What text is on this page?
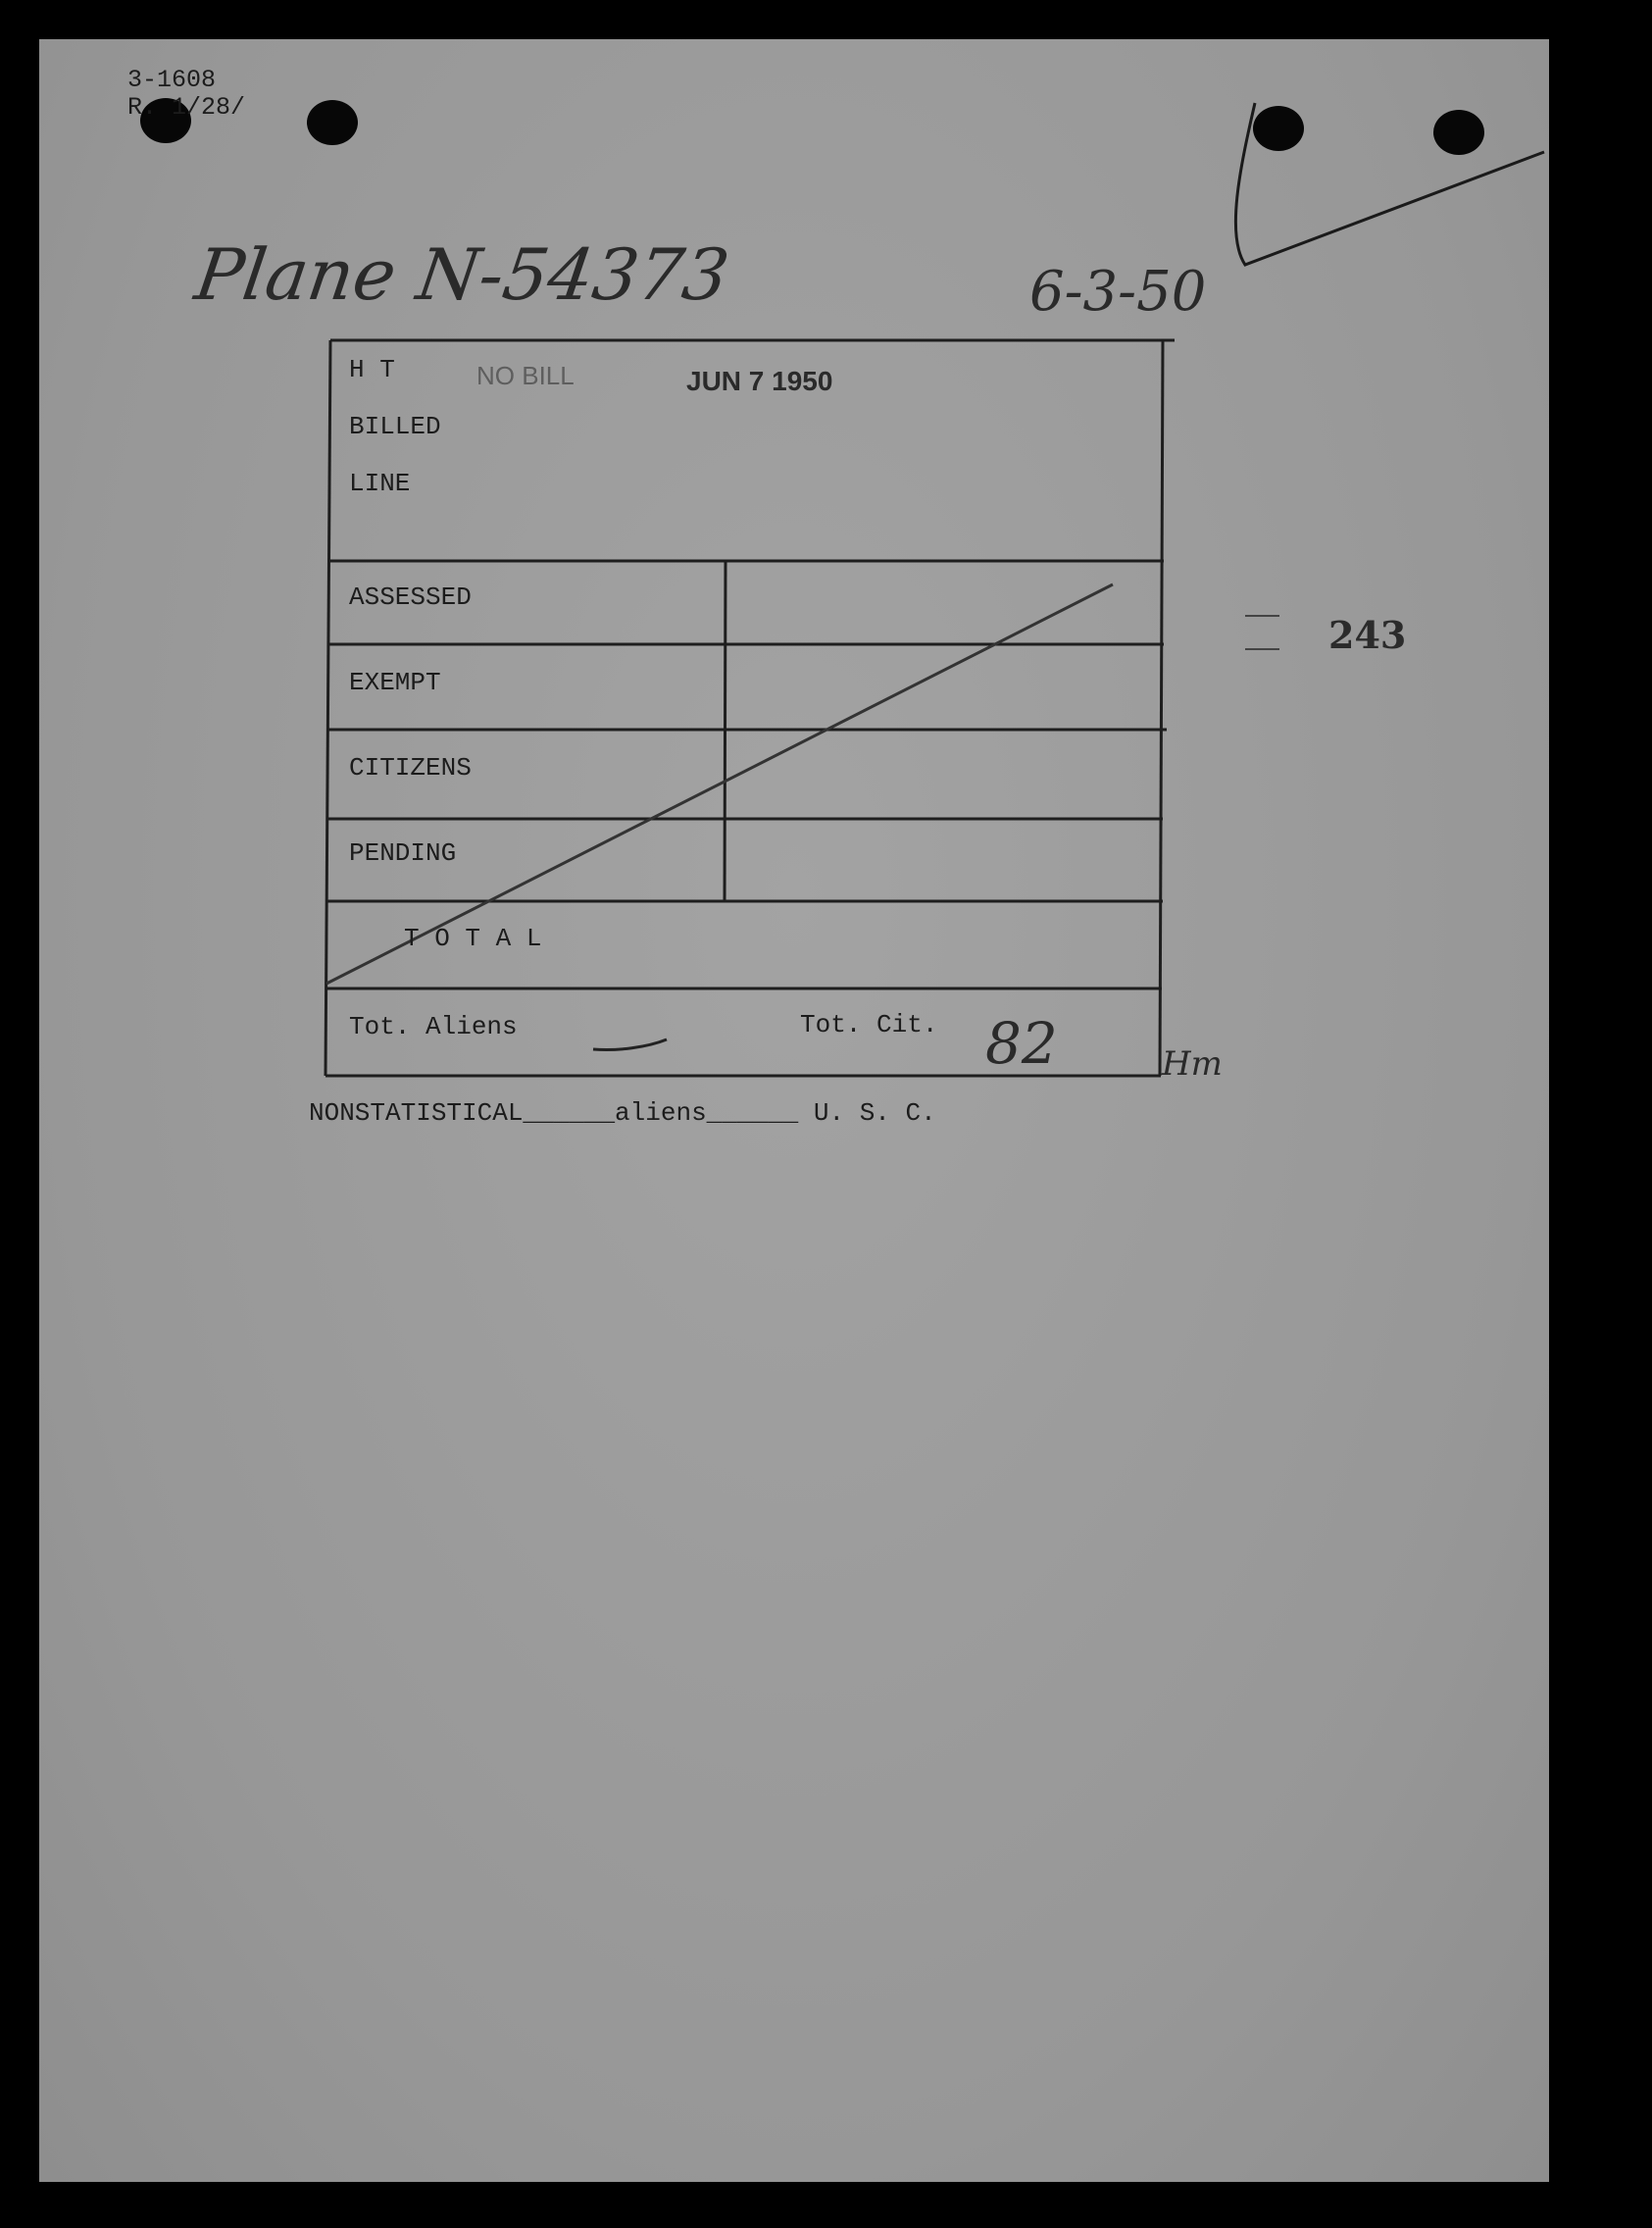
3-1608
R. 1/28/
Plane N-54373	6-3-50
NO BILL	JUN 7 1950
243
H T
BILLED
LINE
ASSESSED
EXEMPT
CITIZENS
PENDING
T O T A L
Tot. Aliens	Tot. Cit. 82	Hm
NONSTATISTICAL______aliens______ U. S. C.
